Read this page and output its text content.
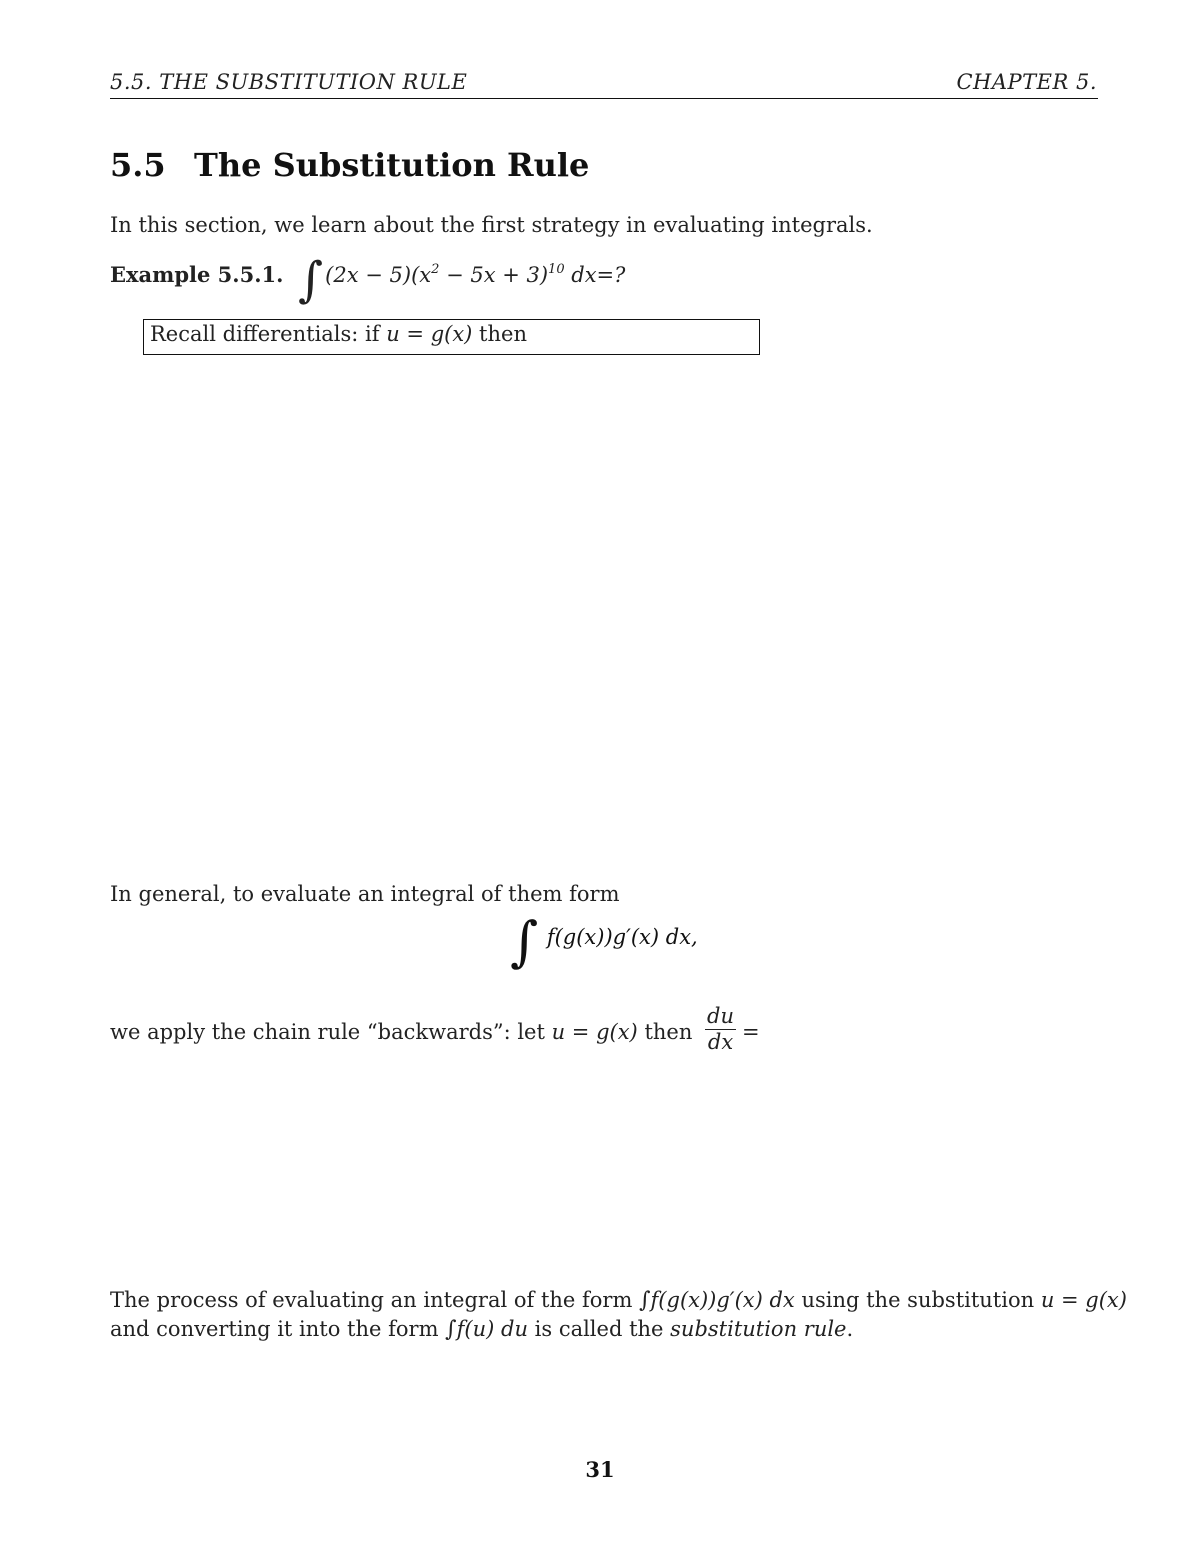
5.5. THE SUBSTITUTION RULE	CHAPTER 5.
5.5 The Substitution Rule
In this section, we learn about the first strategy in evaluating integrals.
Example 5.5.1. $\int(2x - 5)(x^2 - 5x + 3)^{10}$ dx=?
Recall differentials: if u = g(x) then
In general, to evaluate an integral of them form
∫ f(g(x))g′(x) dx,
we apply the chain rule “backwards”: let u = g(x) then $\frac{du}{dx}$ =
The process of evaluating an integral of the form ∫f(g(x))g′(x) dx using the substitution u = g(x)
and converting it into the form ∫f(u) du is called the substitution rule.
31
